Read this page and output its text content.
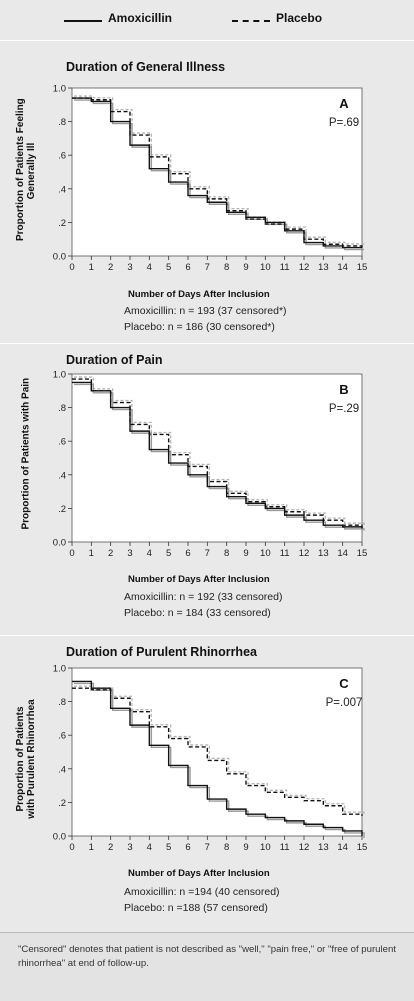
Amoxicillin	Placebo
Duration of General Illness
Proportion of Patients Feeling Generally Ill
0.0
.2
.4
.6
.8
1.0
0 1 2 3 4 5 6 7 8 9 10 11 12 13 14 15
A
P=.69
Number of Days After Inclusion
Amoxicillin: n = 193 (37 censored*)
Placebo: n = 186 (30 censored*)
Duration of Pain
Proportion of Patients with Pain
0.0
.2
.4
.6
.8
1.0
0 1 2 3 4 5 6 7 8 9 10 11 12 13 14 15
B
P=.29
Number of Days After Inclusion
Amoxicillin: n = 192 (33 censored)
Placebo: n = 184 (33 censored)
Duration of Purulent Rhinorrhea
Proportion of Patients with Purulent Rhinorrhea
0.0
.2
.4
.6
.8
1.0
0 1 2 3 4 5 6 7 8 9 10 11 12 13 14 15
C
P=.007
Number of Days After Inclusion
Amoxicillin: n =194 (40 censored)
Placebo: n =188 (57 censored)

"Censored" denotes that patient is not described as "well," "pain free," or "free of purulent rhinorrhea" at end of follow-up.
